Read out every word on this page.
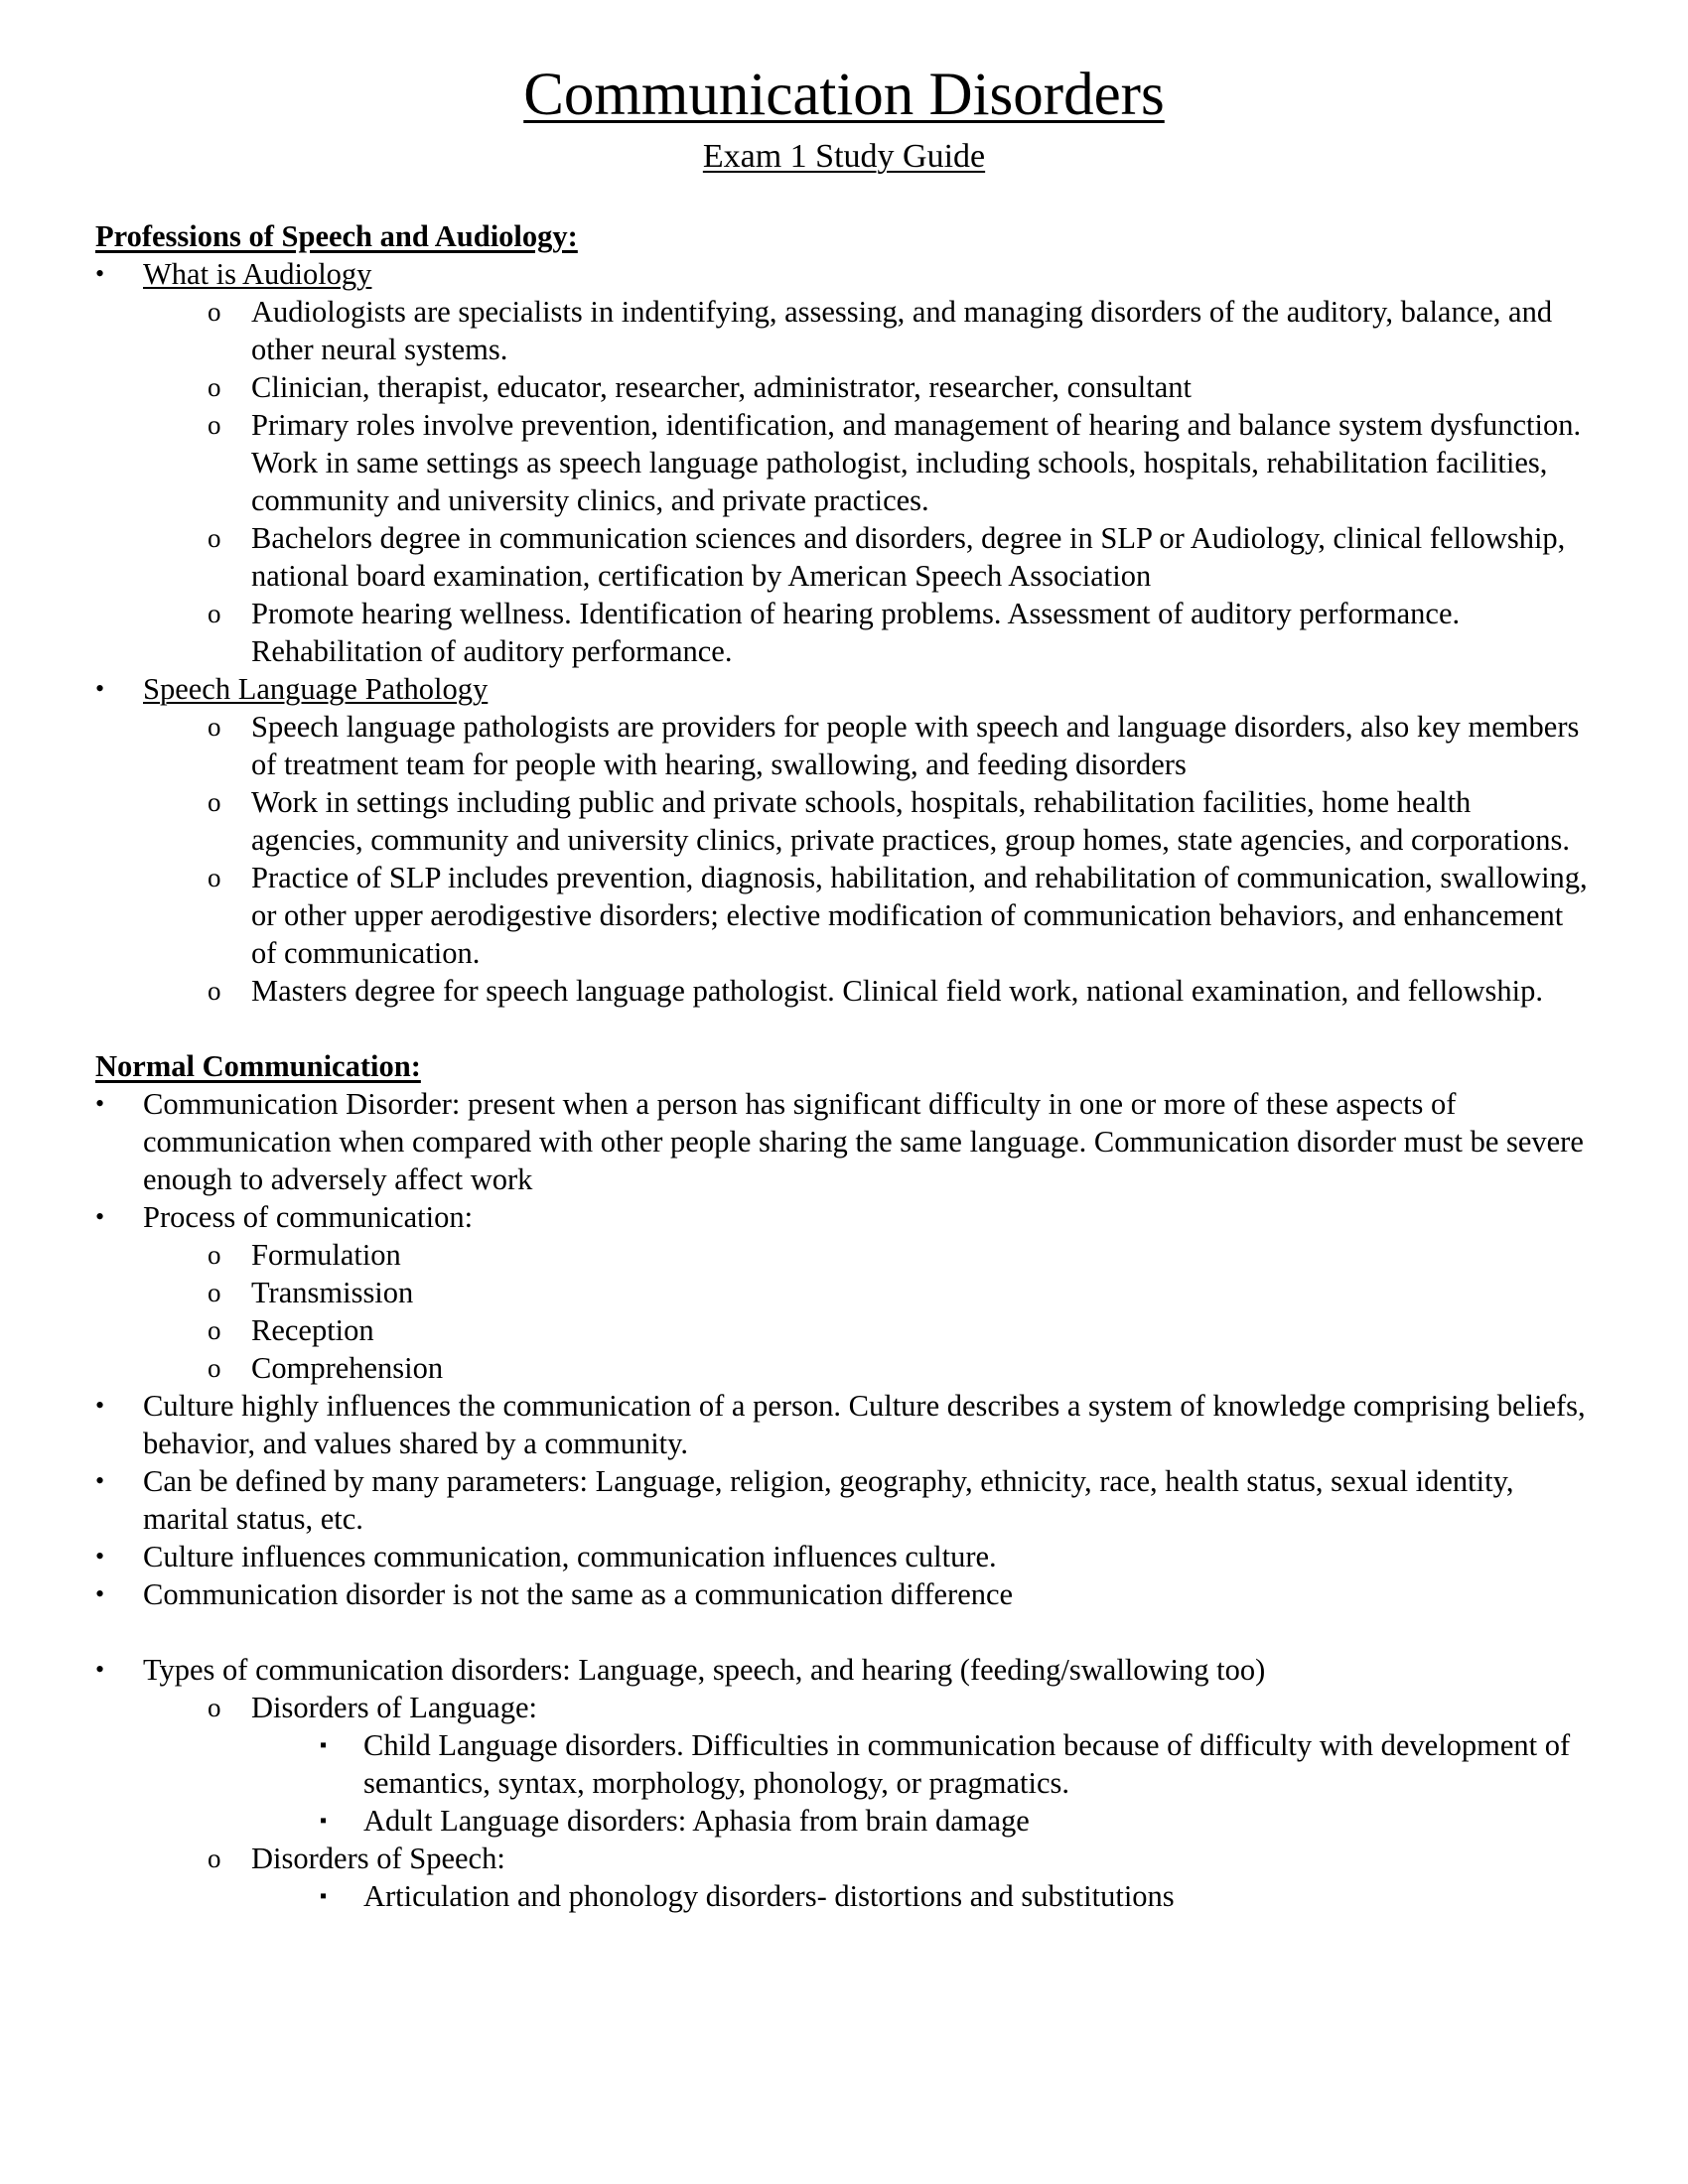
Communication Disorders
Exam 1 Study Guide
Professions of Speech and Audiology:
•
What is Audiology
o
Audiologists are specialists in indentifying, assessing, and managing disorders of the auditory, balance, and other neural systems.
o
Clinician, therapist, educator, researcher, administrator, researcher, consultant
o
Primary roles involve prevention, identification, and management of hearing and balance system dysfunction. Work in same settings as speech language pathologist, including schools, hospitals, rehabilitation facilities, community and university clinics, and private practices.
o
Bachelors degree in communication sciences and disorders, degree in SLP or Audiology, clinical fellowship, national board examination, certification by American Speech Association
o
Promote hearing wellness. Identification of hearing problems. Assessment of auditory performance. Rehabilitation of auditory performance.
•
Speech Language Pathology
o
Speech language pathologists are providers for people with speech and language disorders, also key members of treatment team for people with hearing, swallowing, and feeding disorders
o
Work in settings including public and private schools, hospitals, rehabilitation facilities, home health agencies, community and university clinics, private practices, group homes, state agencies, and corporations.
o
Practice of SLP includes prevention, diagnosis, habilitation, and rehabilitation of communication, swallowing, or other upper aerodigestive disorders; elective modification of communication behaviors, and enhancement of communication.
o
Masters degree for speech language pathologist. Clinical field work, national examination, and fellowship.
Normal Communication:
•
Communication Disorder: present when a person has significant difficulty in one or more of these aspects of communication when compared with other people sharing the same language. Communication disorder must be severe enough to adversely affect work
•
Process of communication:
o
Formulation
o
Transmission
o
Reception
o
Comprehension
•
Culture highly influences the communication of a person. Culture describes a system of knowledge comprising beliefs, behavior, and values shared by a community.
•
Can be defined by many parameters: Language, religion, geography, ethnicity, race, health status, sexual identity, marital status, etc.
•
Culture influences communication, communication influences culture.
•
Communication disorder is not the same as a communication difference
•
Types of communication disorders: Language, speech, and hearing (feeding/swallowing too)
o
Disorders of Language:
▪
Child Language disorders. Difficulties in communication because of difficulty with development of semantics, syntax, morphology, phonology, or pragmatics.
▪
Adult Language disorders: Aphasia from brain damage
o
Disorders of Speech:
▪
Articulation and phonology disorders- distortions and substitutions
